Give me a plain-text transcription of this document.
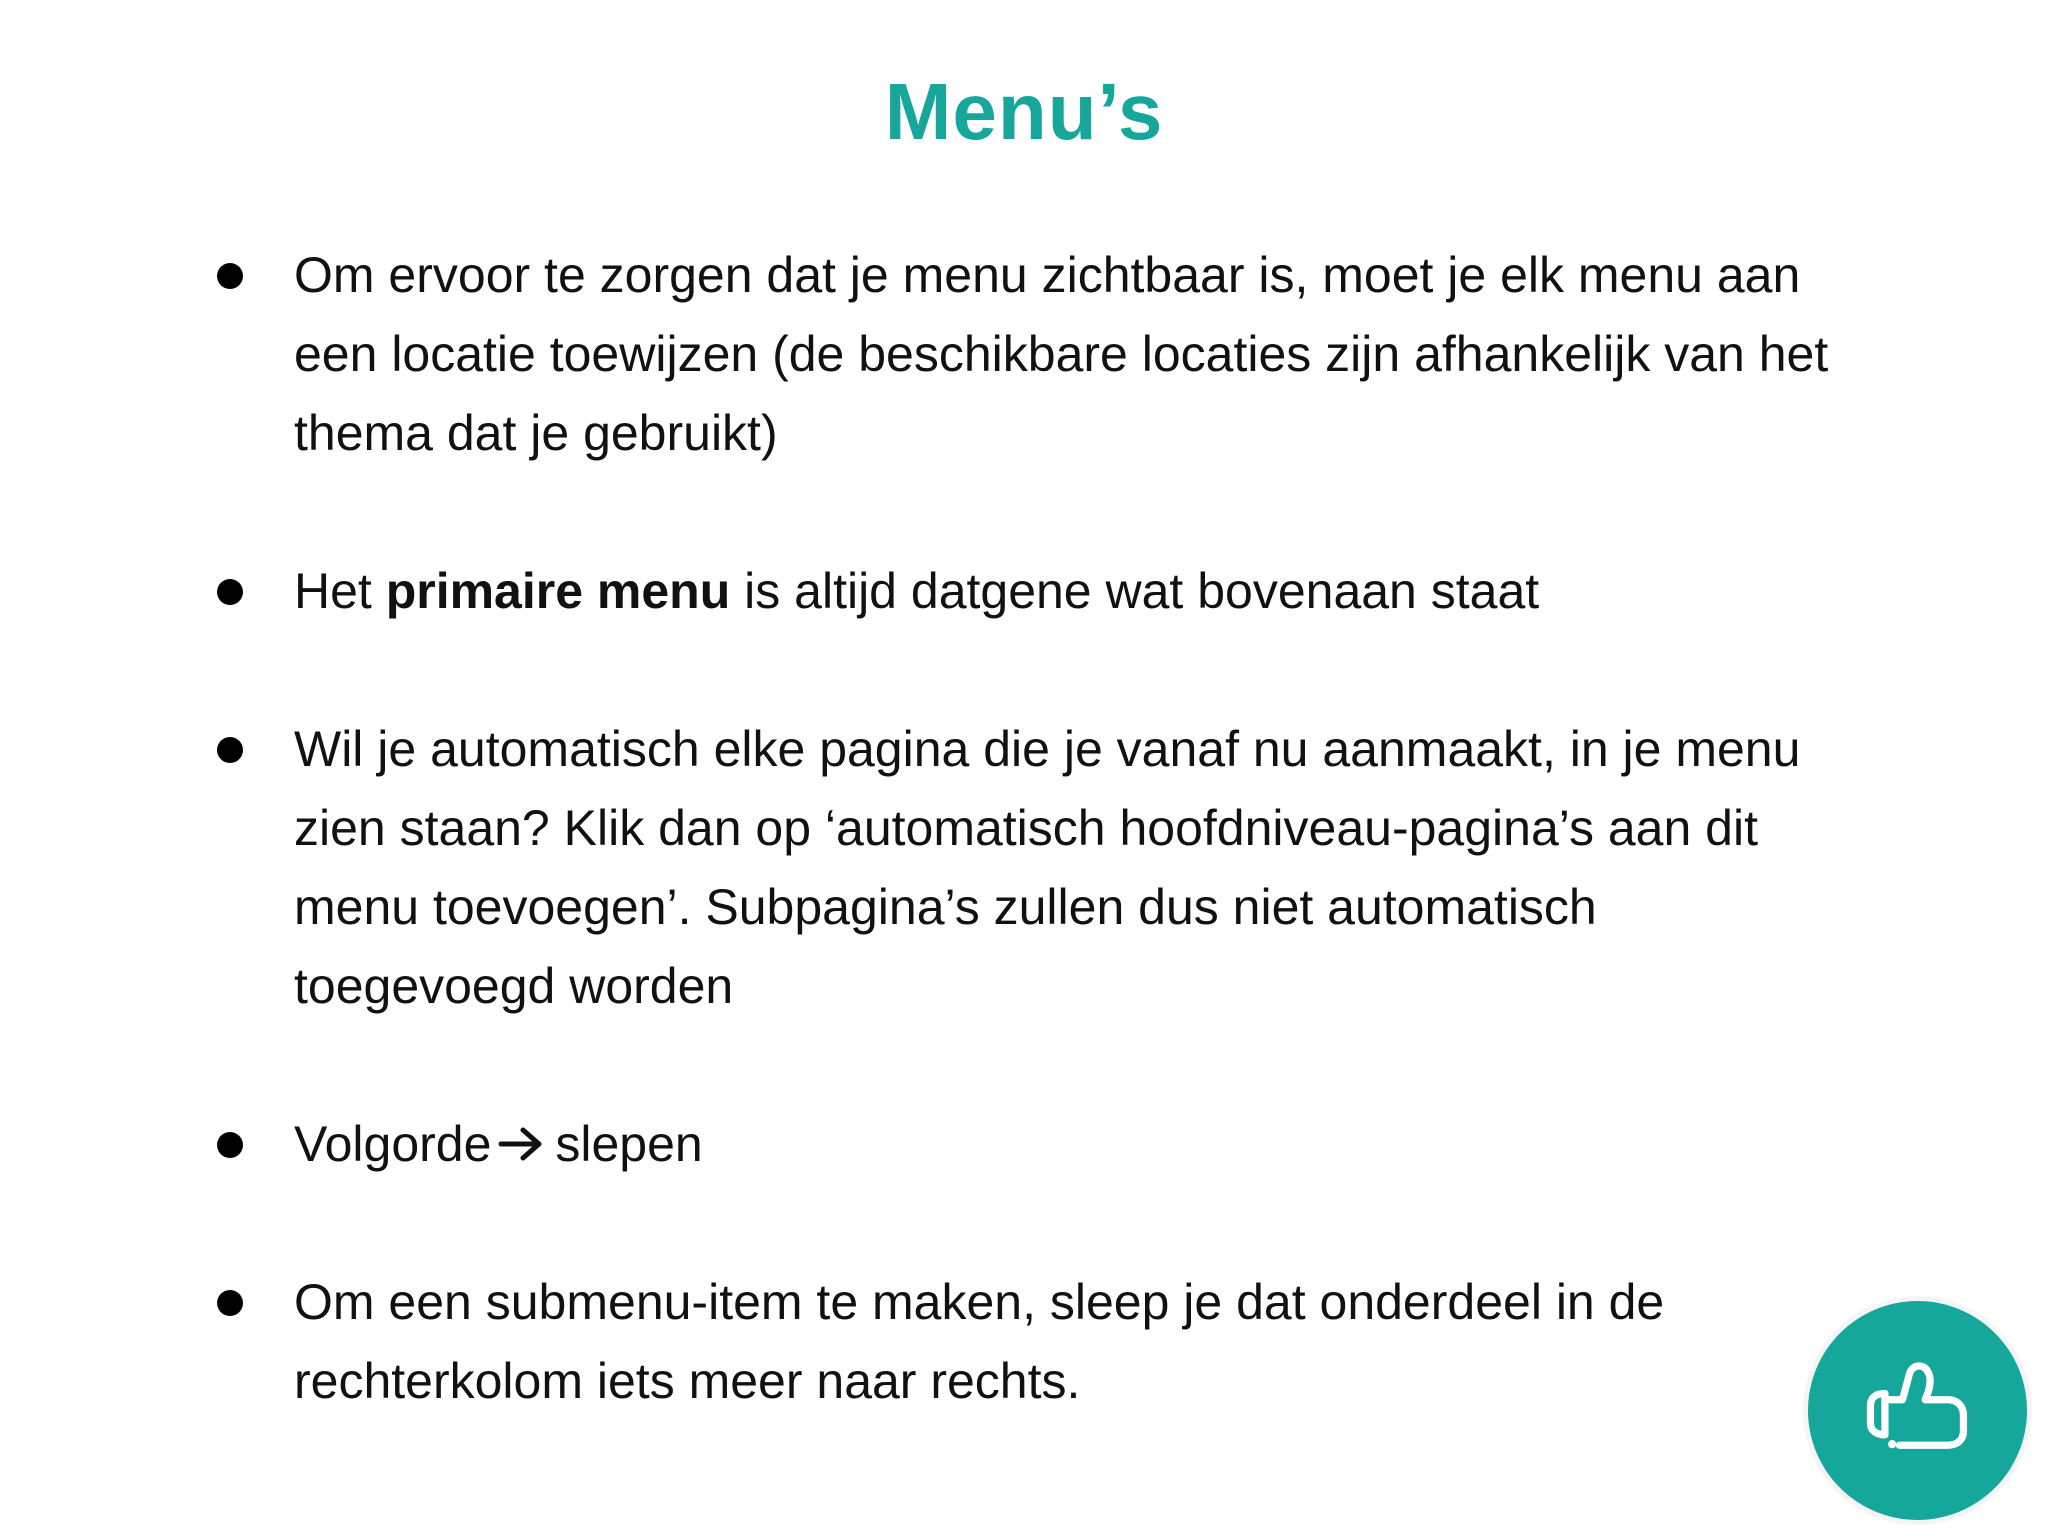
Menu’s
Om ervoor te zorgen dat je menu zichtbaar is, moet je elk menu aan een locatie toewijzen (de beschikbare locaties zijn afhankelijk van het thema dat je gebruikt)
Het primaire menu is altijd datgene wat bovenaan staat
Wil je automatisch elke pagina die je vanaf nu aanmaakt, in je menu zien staan? Klik dan op ‘automatisch hoofdniveau-pagina’s aan dit menu toevoegen’. Subpagina’s zullen dus niet automatisch toegevoegd worden
Volgorde slepen
Om een submenu-item te maken, sleep je dat onderdeel in de rechterkolom iets meer naar rechts.
